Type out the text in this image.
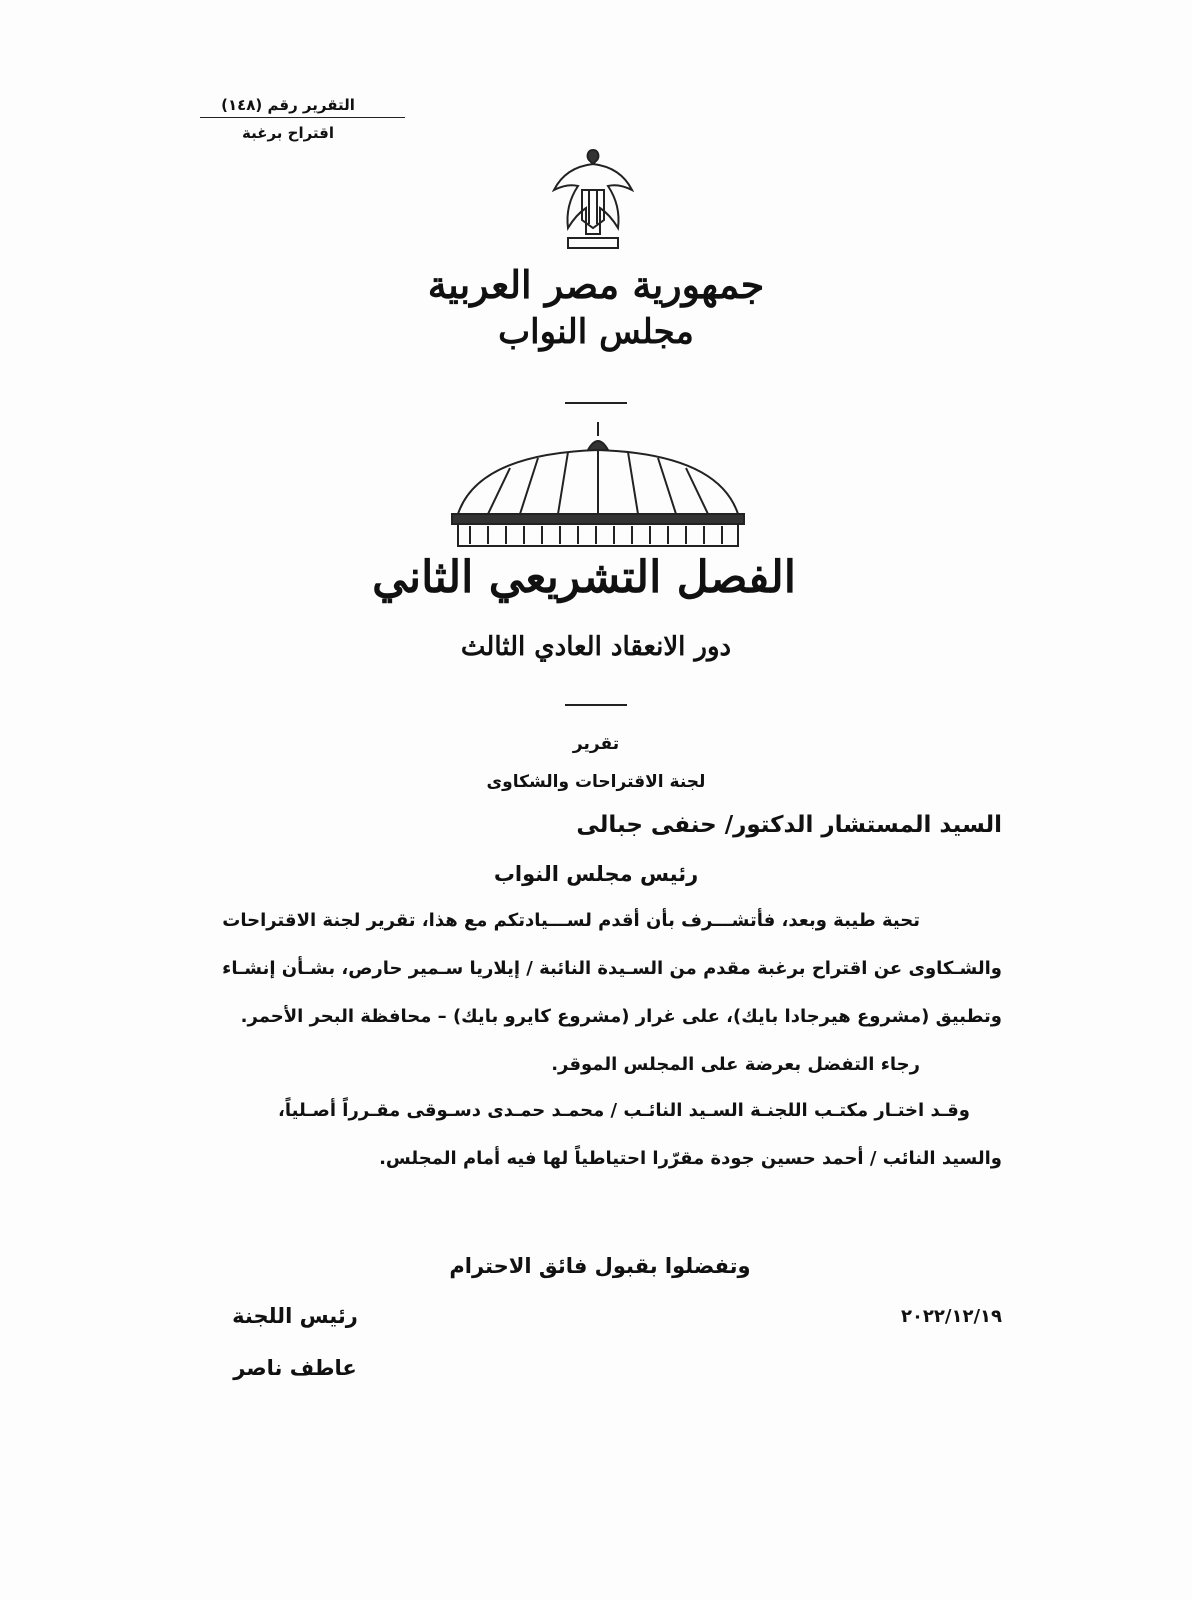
التقرير رقم (١٤٨)
اقتراح برغبة
جمهورية مصر العربية
مجلس النواب
الفصل التشريعي الثاني
دور الانعقاد العادي الثالث
تقرير
لجنة الاقتراحات والشكاوى
السيد المستشار الدكتور/ حنفى جبالى
رئيس مجلس النواب
تحية طيبة وبعد، فأتشـــرف بأن أقدم لســـيادتكم مع هذا، تقرير لجنة الاقتراحات
والشـكاوى عن اقتراح برغبة مقدم من السـيدة النائبة / إيلاريا سـمير حارص، بشـأن إنشـاء
وتطبيق (مشروع هيرجادا بايك)، على غرار (مشروع كايرو بايك) – محافظة البحر الأحمر.
رجاء التفضل بعرضة على المجلس الموقر.
وقـد اختـار مكتـب اللجنـة السـيد النائـب / محمـد حمـدى دسـوقى مقـرراً أصـلياً،
والسيد النائب / أحمد حسين جودة مقرّرا احتياطياً لها فيه أمام المجلس.
وتفضلوا بقبول فائق الاحترام
٢٠٢٢/١٢/١٩
رئيس اللجنة
عاطف ناصر
